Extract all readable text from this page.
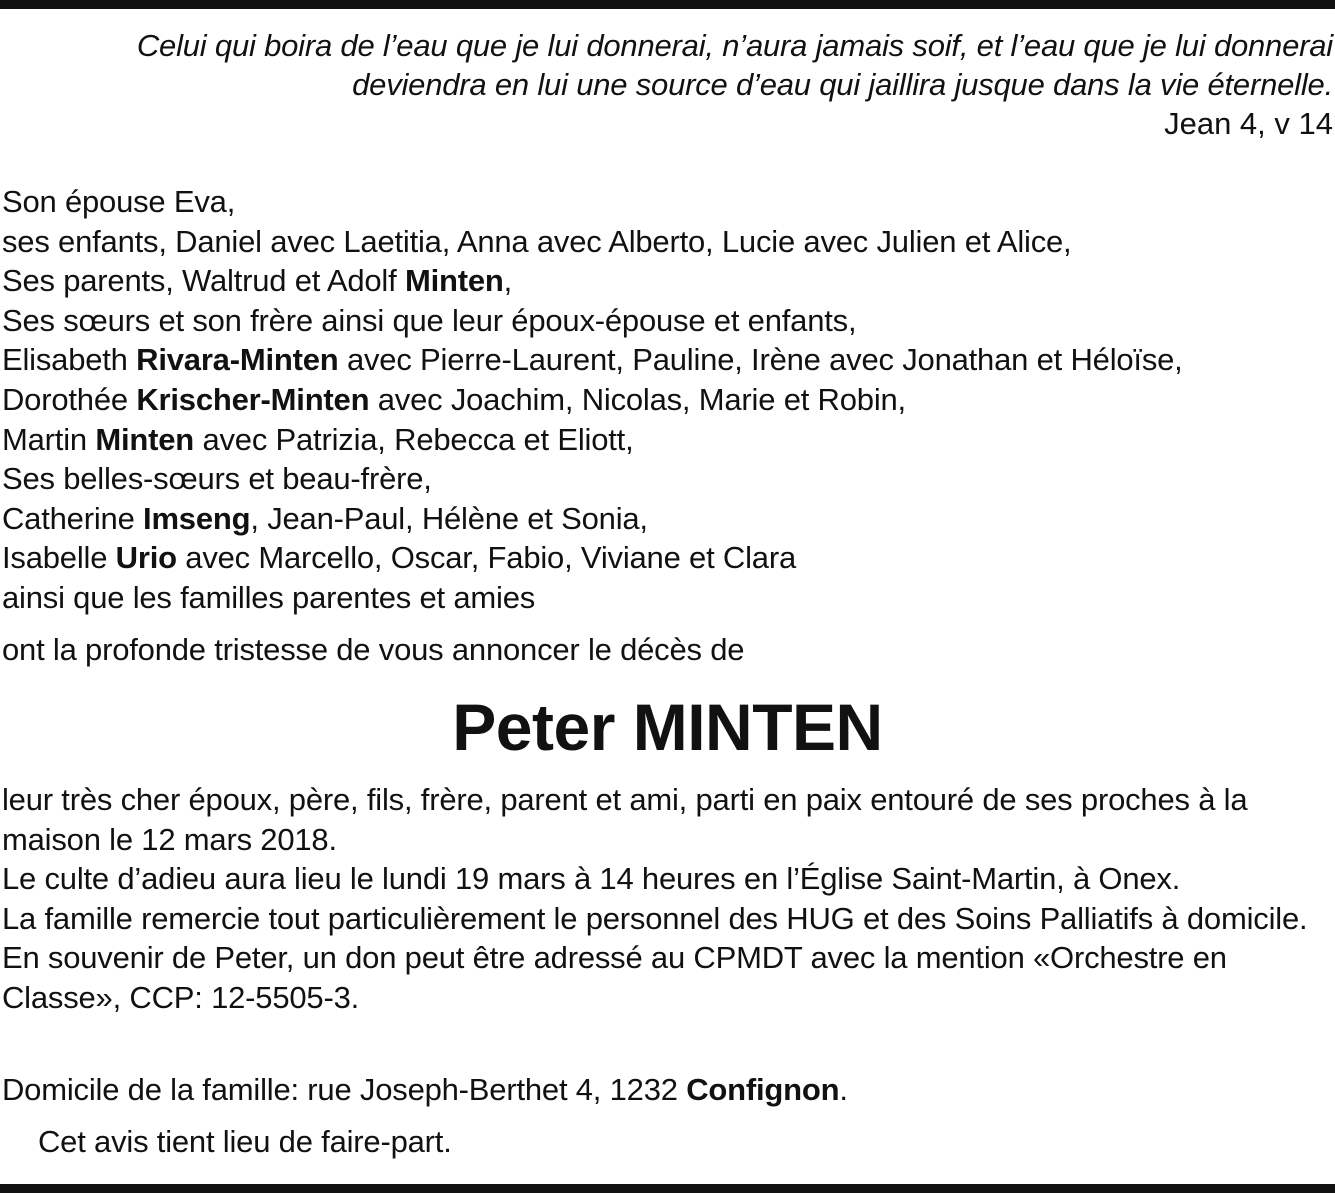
Celui qui boira de l’eau que je lui donnerai, n’aura jamais soif, et l’eau que je lui donnerai deviendra en lui une source d’eau qui jaillira jusque dans la vie éternelle.
Jean 4, v 14
Son épouse Eva,
ses enfants, Daniel avec Laetitia, Anna avec Alberto, Lucie avec Julien et Alice,
Ses parents, Waltrud et Adolf Minten,
Ses sœurs et son frère ainsi que leur époux-épouse et enfants,
Elisabeth Rivara-Minten avec Pierre-Laurent, Pauline, Irène avec Jonathan et Héloïse,
Dorothée Krischer-Minten avec Joachim, Nicolas, Marie et Robin,
Martin Minten avec Patrizia, Rebecca et Eliott,
Ses belles-sœurs et beau-frère,
Catherine Imseng, Jean-Paul, Hélène et Sonia,
Isabelle Urio avec Marcello, Oscar, Fabio, Viviane et Clara
ainsi que les familles parentes et amies
ont la profonde tristesse de vous annoncer le décès de
Peter MINTEN

leur très cher époux, père, fils, frère, parent et ami, parti en paix entouré de ses proches à la maison le 12 mars 2018.

Le culte d’adieu aura lieu le lundi 19 mars à 14 heures en l’Église Saint-Martin, à Onex.

La famille remercie tout particulièrement le personnel des HUG et des Soins Palliatifs à domicile.

En souvenir de Peter, un don peut être adressé au CPMDT avec la mention «Orchestre en Classe», CCP: 12-5505-3.

Domicile de la famille: rue Joseph-Berthet 4, 1232 Confignon.
Cet avis tient lieu de faire-part.
